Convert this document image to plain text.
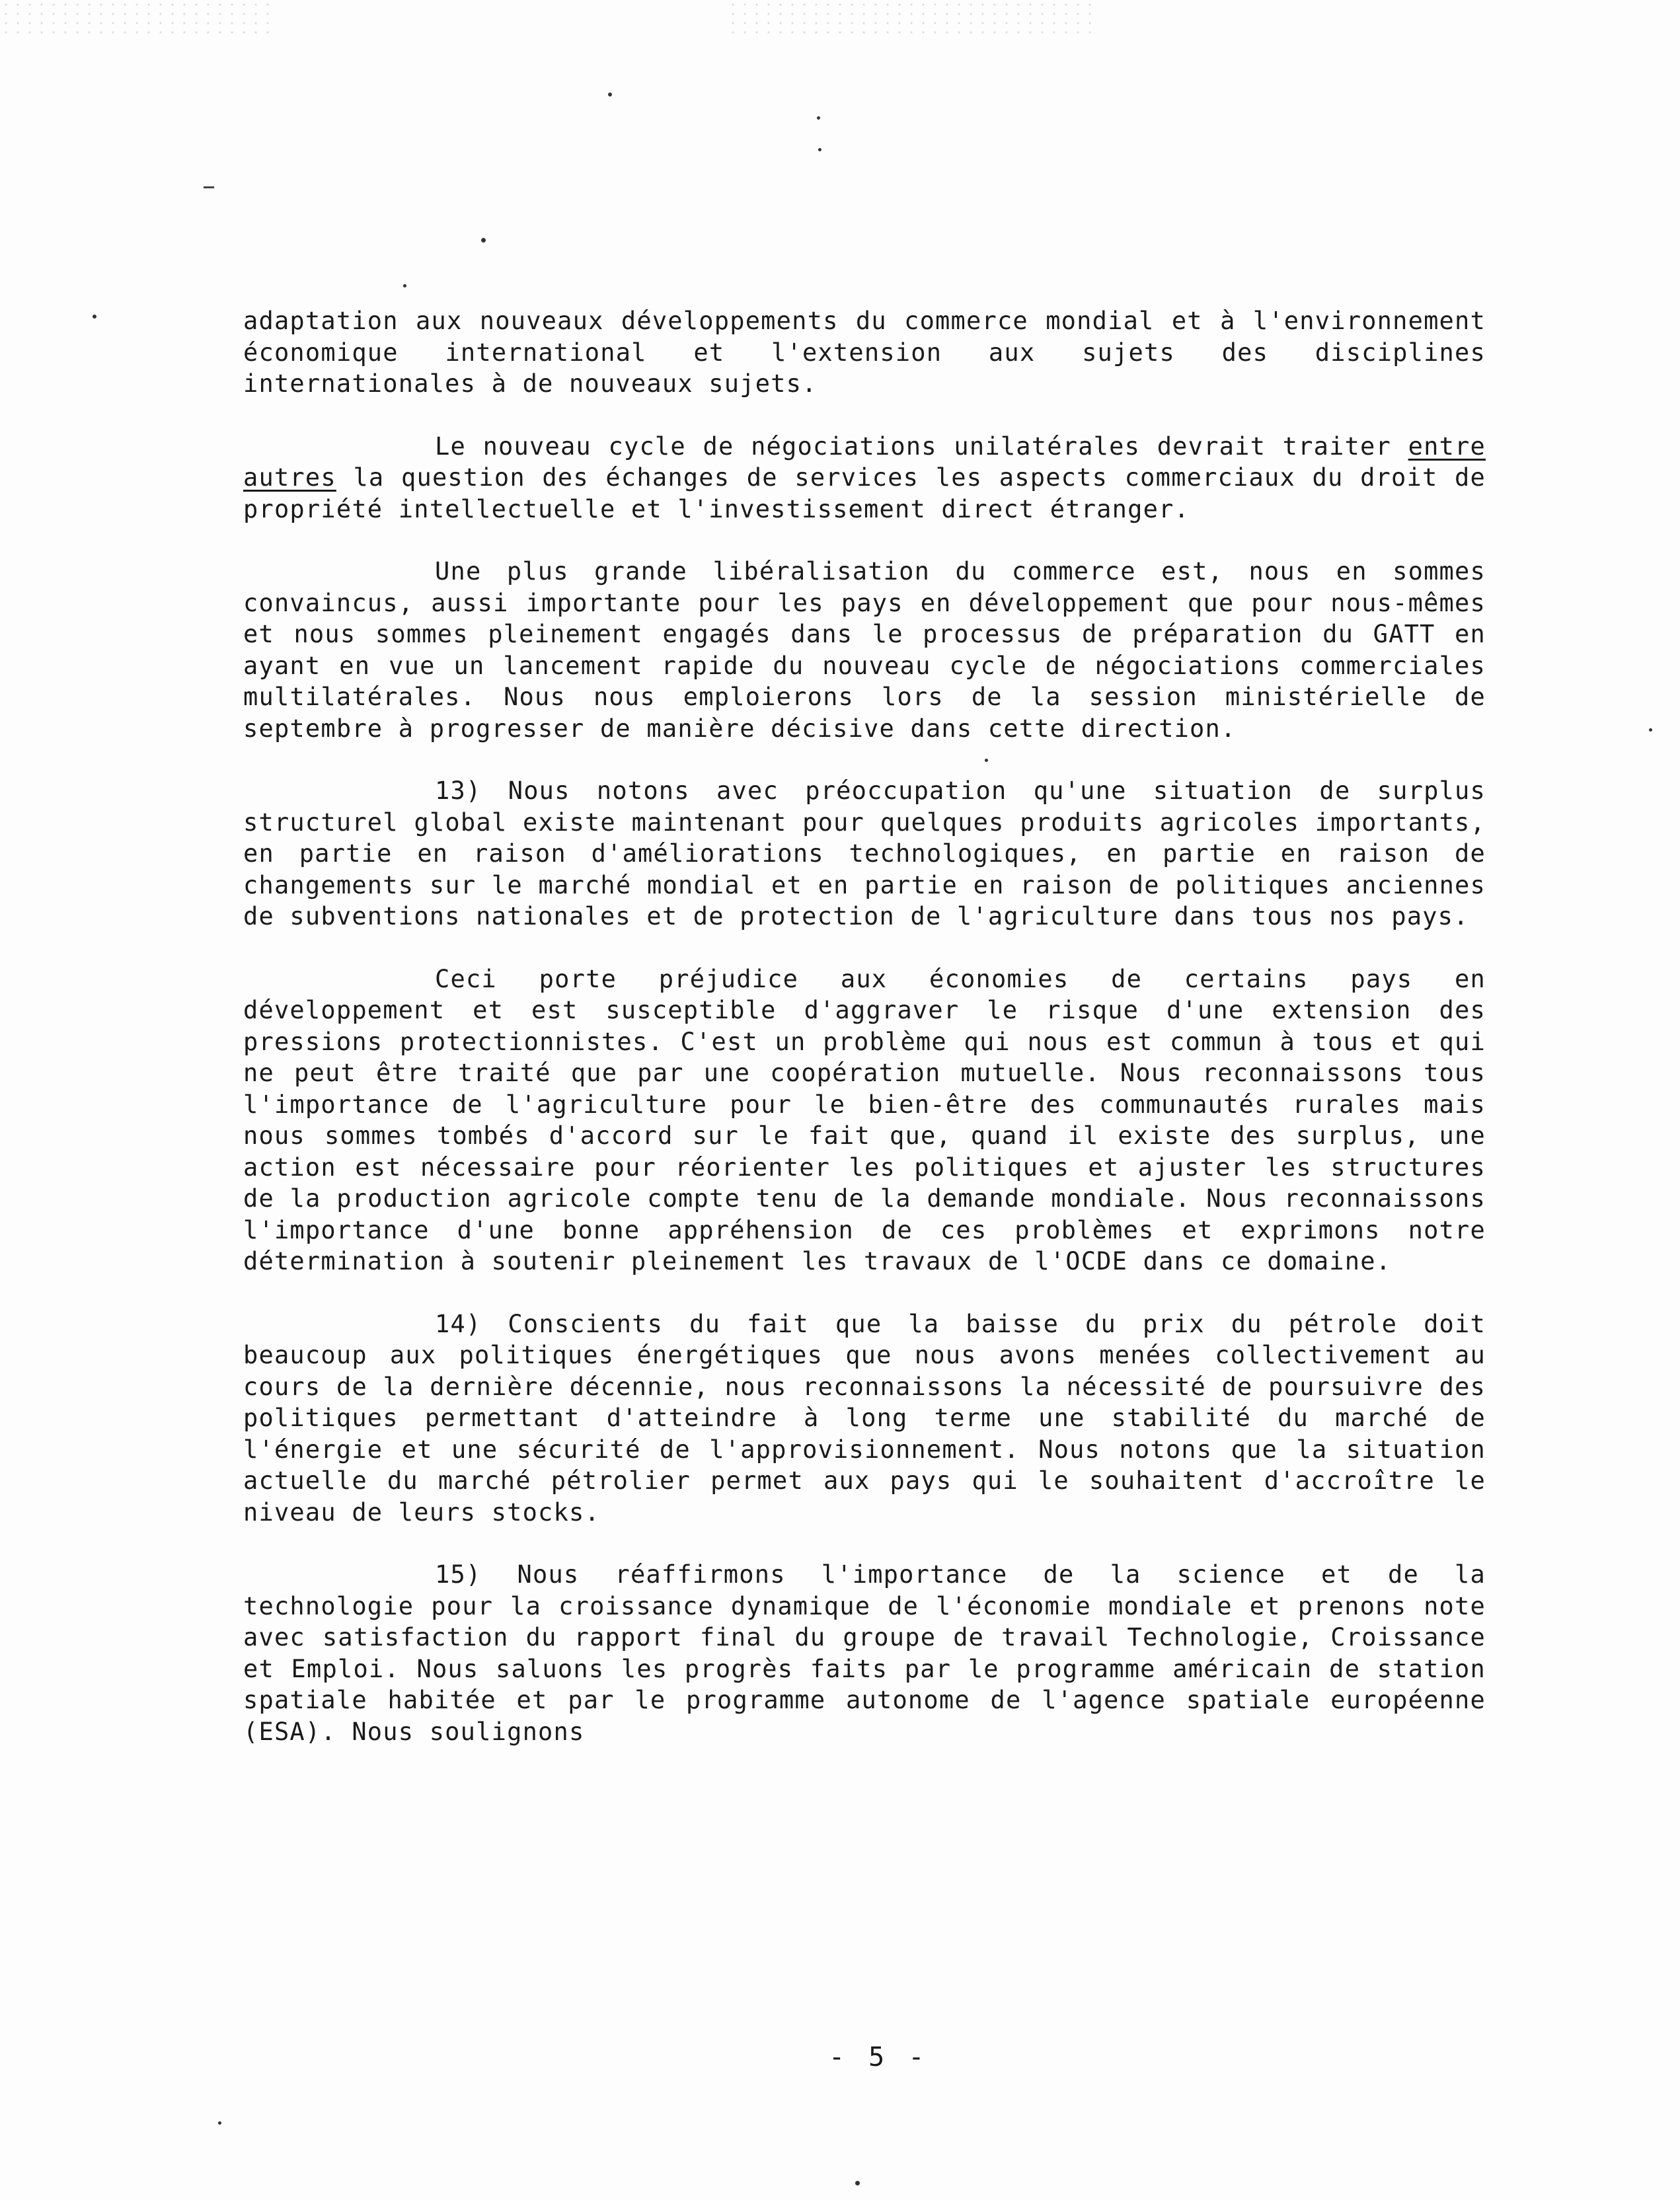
adaptation aux nouveaux développements du commerce mondial et à l'environnement économique international et l'extension aux sujets des disciplines internationales à de nouveaux sujets.

Le nouveau cycle de négociations unilatérales devrait traiter entre autres la question des échanges de services les aspects commerciaux du droit de propriété intellectuelle et l'investissement direct étranger.

Une plus grande libéralisation du commerce est, nous en sommes convaincus, aussi importante pour les pays en développement que pour nous-mêmes et nous sommes pleinement engagés dans le processus de préparation du GATT en ayant en vue un lancement rapide du nouveau cycle de négociations commerciales multilatérales. Nous nous emploierons lors de la session ministérielle de septembre à progresser de manière décisive dans cette direction.

13) Nous notons avec préoccupation qu'une situation de surplus structurel global existe maintenant pour quelques produits agricoles importants, en partie en raison d'améliorations technologiques, en partie en raison de changements sur le marché mondial et en partie en raison de politiques anciennes de subventions nationales et de protection de l'agriculture dans tous nos pays.

Ceci porte préjudice aux économies de certains pays en développement et est susceptible d'aggraver le risque d'une extension des pressions protectionnistes. C'est un problème qui nous est commun à tous et qui ne peut être traité que par une coopération mutuelle. Nous reconnaissons tous l'importance de l'agriculture pour le bien-être des communautés rurales mais nous sommes tombés d'accord sur le fait que, quand il existe des surplus, une action est nécessaire pour réorienter les politiques et ajuster les structures de la production agricole compte tenu de la demande mondiale. Nous reconnaissons l'importance d'une bonne appréhension de ces problèmes et exprimons notre détermination à soutenir pleinement les travaux de l'OCDE dans ce domaine.

14) Conscients du fait que la baisse du prix du pétrole doit beaucoup aux politiques énergétiques que nous avons menées collectivement au cours de la dernière décennie, nous reconnaissons la nécessité de poursuivre des politiques permettant d'atteindre à long terme une stabilité du marché de l'énergie et une sécurité de l'approvisionnement. Nous notons que la situation actuelle du marché pétrolier permet aux pays qui le souhaitent d'accroître le niveau de leurs stocks.

15) Nous réaffirmons l'importance de la science et de la technologie pour la croissance dynamique de l'économie mondiale et prenons note avec satisfaction du rapport final du groupe de travail Technologie, Croissance et Emploi. Nous saluons les progrès faits par le programme américain de station spatiale habitée et par le programme autonome de l'agence spatiale européenne (ESA). Nous soulignons

- 5 -
